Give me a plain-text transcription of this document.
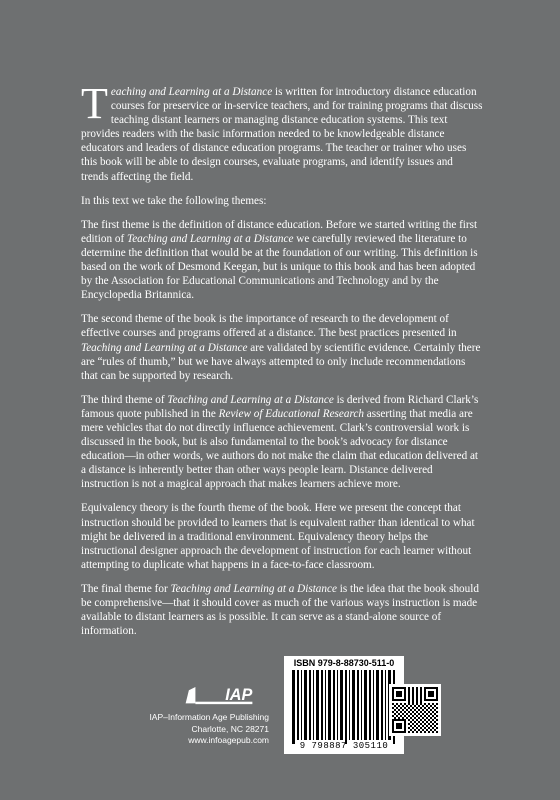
Teaching and Learning at a Distance is written for introductory distance education courses for preservice or in-service teachers, and for training programs that discuss teaching distant learners or managing distance education systems. This text provides readers with the basic information needed to be knowledgeable distance educators and leaders of distance education programs. The teacher or trainer who uses this book will be able to design courses, evaluate programs, and identify issues and trends affecting the field.

In this text we take the following themes:

The first theme is the definition of distance education. Before we started writing the first edition of Teaching and Learning at a Distance we carefully reviewed the literature to determine the definition that would be at the foundation of our writing. This definition is based on the work of Desmond Keegan, but is unique to this book and has been adopted by the Association for Educational Communications and Technology and by the Encyclopedia Britannica.

The second theme of the book is the importance of research to the development of effective courses and programs offered at a distance. The best practices presented in Teaching and Learning at a Distance are validated by scientific evidence. Certainly there are “rules of thumb,” but we have always attempted to only include recommendations that can be supported by research.

The third theme of Teaching and Learning at a Distance is derived from Richard Clark’s famous quote published in the Review of Educational Research asserting that media are mere vehicles that do not directly influence achievement. Clark’s controversial work is discussed in the book, but is also fundamental to the book’s advocacy for distance education—in other words, we authors do not make the claim that education delivered at a distance is inherently better than other ways people learn. Distance delivered instruction is not a magical approach that makes learners achieve more.

Equivalency theory is the fourth theme of the book. Here we present the concept that instruction should be provided to learners that is equivalent rather than identical to what might be delivered in a traditional environment. Equivalency theory helps the instructional designer approach the development of instruction for each learner without attempting to duplicate what happens in a face-to-face classroom.

The final theme for Teaching and Learning at a Distance is the idea that the book should be comprehensive—that it should cover as much of the various ways instruction is made available to distant learners as is possible. It can serve as a stand-alone source of information.

IAP
IAP–Information Age Publishing
Charlotte, NC 28271
www.infoagepub.com
ISBN 979-8-88730-511-0
9 798887 305110
